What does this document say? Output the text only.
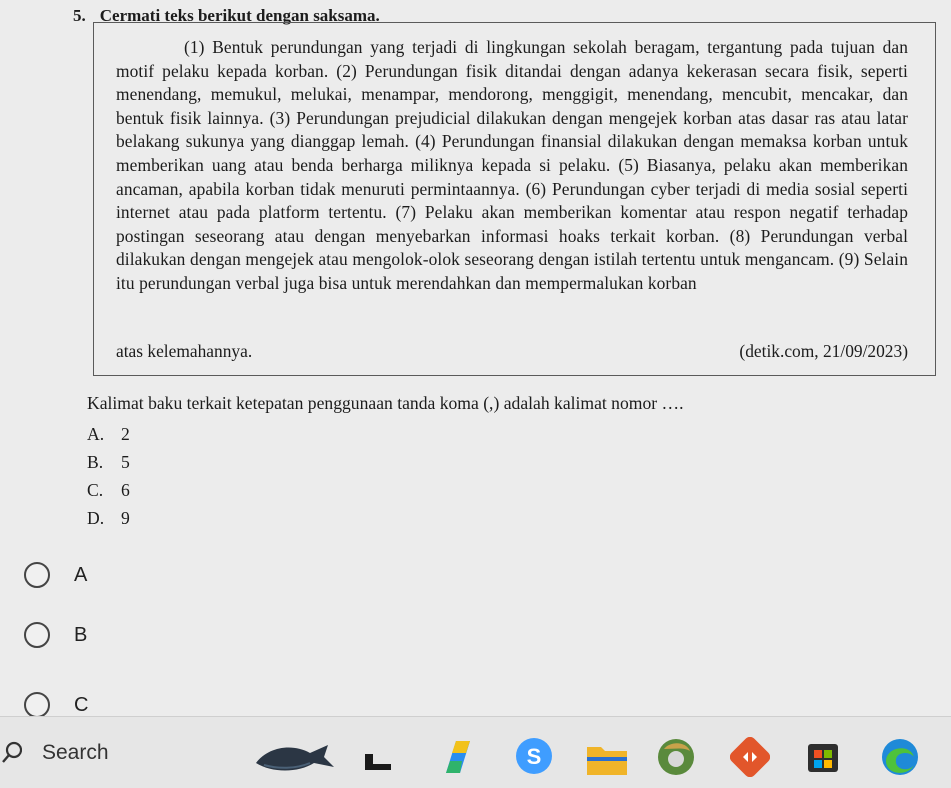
5. Cermati teks berikut dengan saksama.
(1) Bentuk perundungan yang terjadi di lingkungan sekolah beragam, tergantung pada tujuan dan motif pelaku kepada korban. (2) Perundungan fisik ditandai dengan adanya kekerasan secara fisik, seperti menendang, memukul, melukai, menampar, mendorong, menggigit, menendang, mencubit, mencakar, dan bentuk fisik lainnya. (3) Perundungan prejudicial dilakukan dengan mengejek korban atas dasar ras atau latar belakang sukunya yang dianggap lemah. (4) Perundungan finansial dilakukan dengan memaksa korban untuk memberikan uang atau benda berharga miliknya kepada si pelaku. (5) Biasanya, pelaku akan memberikan ancaman, apabila korban tidak menuruti permintaannya. (6) Perundungan cyber terjadi di media sosial seperti internet atau pada platform tertentu. (7) Pelaku akan memberikan komentar atau respon negatif terhadap postingan seseorang atau dengan menyebarkan informasi hoaks terkait korban. (8) Perundungan verbal dilakukan dengan mengejek atau mengolok-olok seseorang dengan istilah tertentu untuk mengancam. (9) Selain itu perundungan verbal juga bisa untuk merendahkan dan mempermalukan korban
atas kelemahannya.	(detik.com, 21/09/2023)
Kalimat baku terkait ketepatan penggunaan tanda koma (,) adalah kalimat nomor ….
A. 2
B.	5
C.	6
D. 9
A
B
C
Search	S
